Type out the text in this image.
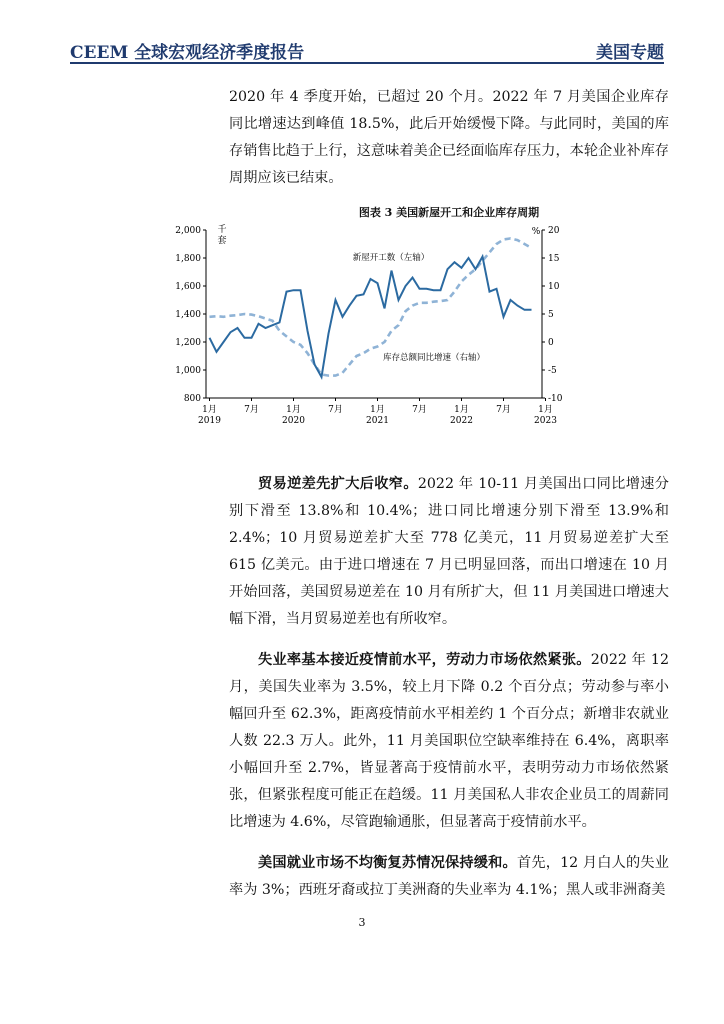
CEEM 全球宏观经济季度报告	美国专题
2020 年 4 季度开始，已超过 20 个月。2022 年 7 月美国企业库存同比增速达到峰值 18.5%，此后开始缓慢下降。与此同时，美国的库存销售比趋于上行，这意味着美企已经面临库存压力，本轮企业补库存周期应该已结束。
图表 3 美国新屋开工和企业库存周期
2,000
1,800
1,600
1,400
1,200
1,000
800
20
15
10
5
0
-5
-10
1月	7月	1月	7月	1月	7月	1月	7月	1月
2019	2020	2021	2022	2023
千套
%
新屋开工数（左轴）
库存总额同比增速（右轴）
贸易逆差先扩大后收窄。2022 年 10-11 月美国出口同比增速分别下滑至 13.8%和 10.4%；进口同比增速分别下滑至 13.9%和 2.4%；10 月贸易逆差扩大至 778 亿美元，11 月贸易逆差扩大至 615 亿美元。由于进口增速在 7 月已明显回落，而出口增速在 10 月开始回落，美国贸易逆差在 10 月有所扩大，但 11 月美国进口增速大幅下滑，当月贸易逆差也有所收窄。
失业率基本接近疫情前水平，劳动力市场依然紧张。2022 年 12 月，美国失业率为 3.5%，较上月下降 0.2 个百分点；劳动参与率小幅回升至 62.3%，距离疫情前水平相差约 1 个百分点；新增非农就业人数 22.3 万人。此外，11 月美国职位空缺率维持在 6.4%，离职率小幅回升至 2.7%，皆显著高于疫情前水平，表明劳动力市场依然紧张，但紧张程度可能正在趋缓。11 月美国私人非农企业员工的周薪同比增速为 4.6%，尽管跑输通胀，但显著高于疫情前水平。
美国就业市场不均衡复苏情况保持缓和。首先，12 月白人的失业率为 3%；西班牙裔或拉丁美洲裔的失业率为 4.1%；黑人或非洲裔美
3
